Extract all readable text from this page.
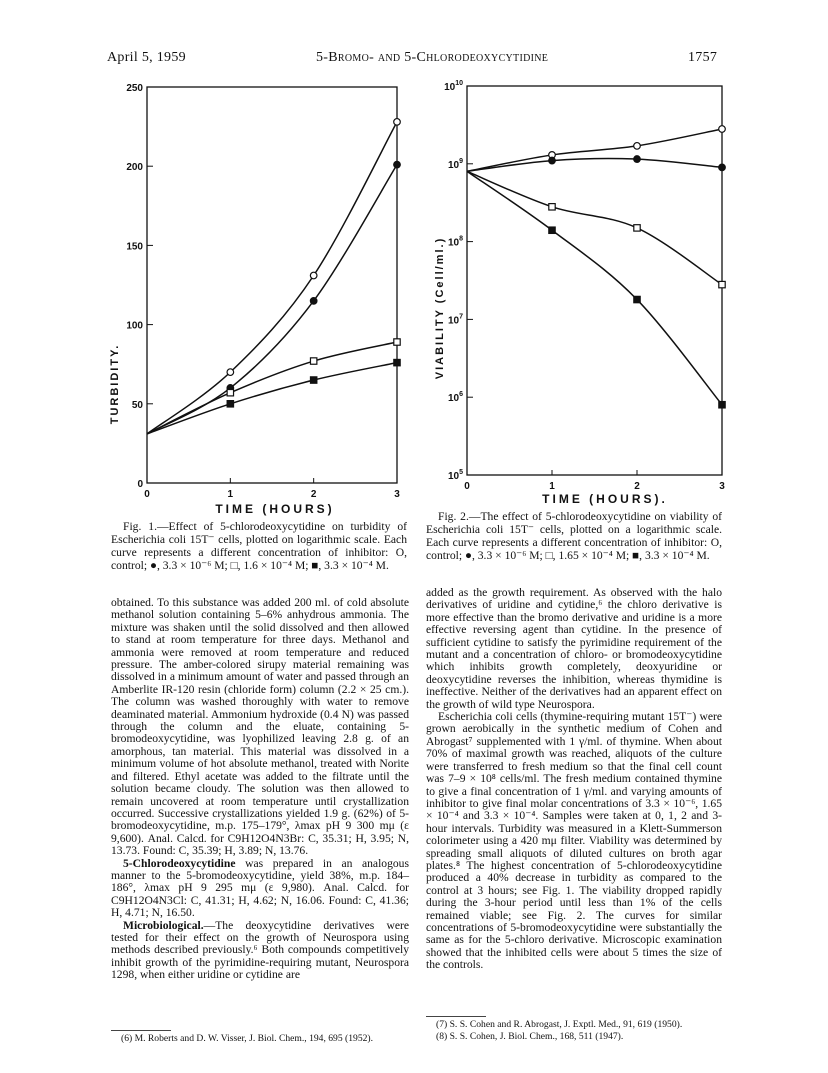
April 5, 1959	5-Bromo- and 5-Chlorodeoxycytidine	1757
0	1	2	3
0
50
100
150
200
250
TURBIDITY.
TIME (HOURS)
0	1	2	3
$10^5$
$10^6$
$10^7$
$10^8$
$10^9$
$10^{10}$
VIABILITY (Cell/ml.)
TIME (HOURS).

Fig. 1.—Effect of 5-chlorodeoxycytidine on turbidity of Escherichia coli 15T⁻ cells, plotted on logarithmic scale. Each curve represents a different concentration of inhibitor: O, control; ●, 3.3 × 10⁻⁶ M; □, 1.6 × 10⁻⁴ M; ■, 3.3 × 10⁻⁴ M.

Fig. 2.—The effect of 5-chlorodeoxycytidine on viability of Escherichia coli 15T⁻ cells, plotted on a logarithmic scale. Each curve represents a different concentration of inhibitor: O, control; ●, 3.3 × 10⁻⁶ M; □, 1.65 × 10⁻⁴ M; ■, 3.3 × 10⁻⁴ M.

obtained. To this substance was added 200 ml. of cold absolute methanol solution containing 5–6% anhydrous ammonia. The mixture was shaken until the solid dissolved and then allowed to stand at room temperature for three days. Methanol and ammonia were removed at room temperature and reduced pressure. The amber-colored sirupy material remaining was dissolved in a minimum amount of water and passed through an Amberlite IR-120 resin (chloride form) column (2.2 × 25 cm.). The column was washed thoroughly with water to remove deaminated material. Ammonium hydroxide (0.4 N) was passed through the column and the eluate, containing 5-bromodeoxycytidine, was lyophilized leaving 2.8 g. of an amorphous, tan material. This material was dissolved in a minimum volume of hot absolute methanol, treated with Norite and filtered. Ethyl acetate was added to the filtrate until the solution became cloudy. The solution was then allowed to remain uncovered at room temperature until crystallization occurred. Successive crystallizations yielded 1.9 g. (62%) of 5-bromodeoxycytidine, m.p. 175–179°, λmax pH 9 300 mμ (ε 9,600). Anal. Calcd. for C9H12O4N3Br: C, 35.31; H, 3.95; N, 13.73. Found: C, 35.39; H, 3.89; N, 13.76.

5-Chlorodeoxycytidine was prepared in an analogous manner to the 5-bromodeoxycytidine, yield 38%, m.p. 184–186°, λmax pH 9 295 mμ (ε 9,980). Anal. Calcd. for C9H12O4N3Cl: C, 41.31; H, 4.62; N, 16.06. Found: C, 41.36; H, 4.71; N, 16.50.

Microbiological.—The deoxycytidine derivatives were tested for their effect on the growth of Neurospora using methods described previously.⁶ Both compounds competitively inhibit growth of the pyrimidine-requiring mutant, Neurospora 1298, when either uridine or cytidine are

(6) M. Roberts and D. W. Visser, J. Biol. Chem., 194, 695 (1952).

added as the growth requirement. As observed with the halo derivatives of uridine and cytidine,⁶ the chloro derivative is more effective than the bromo derivative and uridine is a more effective reversing agent than cytidine. In the presence of sufficient cytidine to satisfy the pyrimidine requirement of the mutant and a concentration of chloro- or bromodeoxycytidine which inhibits growth completely, deoxyuridine or deoxycytidine reverses the inhibition, whereas thymidine is ineffective. Neither of the derivatives had an apparent effect on the growth of wild type Neurospora.

Escherichia coli cells (thymine-requiring mutant 15T⁻) were grown aerobically in the synthetic medium of Cohen and Abrogast⁷ supplemented with 1 γ/ml. of thymine. When about 70% of maximal growth was reached, aliquots of the culture were transferred to fresh medium so that the final cell count was 7–9 × 10⁸ cells/ml. The fresh medium contained thymine to give a final concentration of 1 γ/ml. and varying amounts of inhibitor to give final molar concentrations of 3.3 × 10⁻⁶, 1.65 × 10⁻⁴ and 3.3 × 10⁻⁴. Samples were taken at 0, 1, 2 and 3-hour intervals. Turbidity was measured in a Klett-Summerson colorimeter using a 420 mμ filter. Viability was determined by spreading small aliquots of diluted cultures on broth agar plates.⁸ The highest concentration of 5-chlorodeoxycytidine produced a 40% decrease in turbidity as compared to the control at 3 hours; see Fig. 1. The viability dropped rapidly during the 3-hour period until less than 1% of the cells remained viable; see Fig. 2. The curves for similar concentrations of 5-bromodeoxycytidine were substantially the same as for the 5-chloro derivative. Microscopic examination showed that the inhibited cells were about 5 times the size of the controls.

(7) S. S. Cohen and R. Abrogast, J. Exptl. Med., 91, 619 (1950).

(8) S. S. Cohen, J. Biol. Chem., 168, 511 (1947).
